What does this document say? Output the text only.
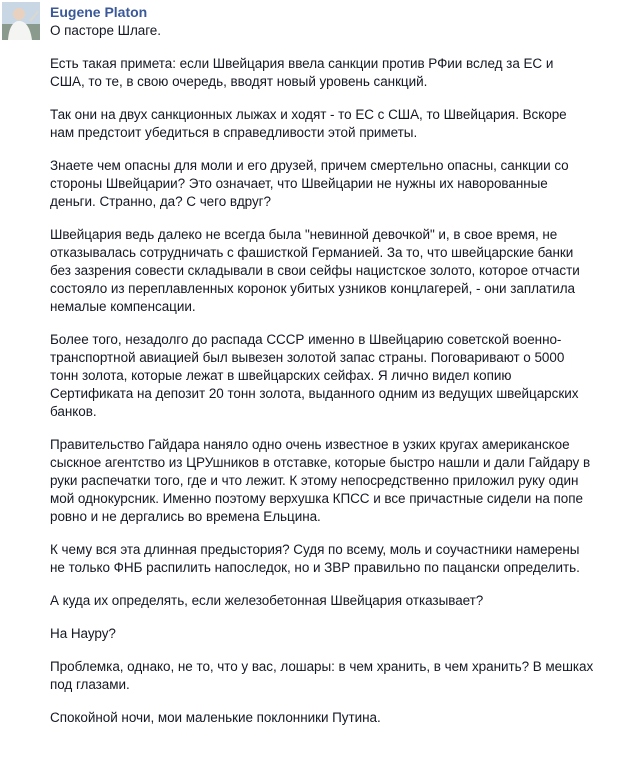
Eugene Platon

О пасторе Шлаге.

Есть такая примета: если Швейцария ввела санкции против РФии вслед за ЕС и
США, то те, в свою очередь, вводят новый уровень санкций.

Так они на двух санкционных лыжах и ходят - то ЕС с США, то Швейцария. Вскоре
нам предстоит убедиться в справедливости этой приметы.

Знаете чем опасны для моли и его друзей, причем смертельно опасны, санкции со
стороны Швейцарии? Это означает, что Швейцарии не нужны их наворованные
деньги. Странно, да? С чего вдруг?

Швейцария ведь далеко не всегда была "невинной девочкой" и, в свое время, не
отказывалась сотрудничать с фашисткой Германией. За то, что швейцарские банки
без зазрения совести складывали в свои сейфы нацистское золото, которое отчасти
состояло из переплавленных коронок убитых узников концлагерей, - они заплатила
немалые компенсации.

Более того, незадолго до распада СССР именно в Швейцарию советской военно-
транспортной авиацией был вывезен золотой запас страны. Поговаривают о 5000
тонн золота, которые лежат в швейцарских сейфах. Я лично видел копию
Сертификата на депозит 20 тонн золота, выданного одним из ведущих швейцарских
банков.

Правительство Гайдара наняло одно очень известное в узких кругах американское
сыскное агентство из ЦРУшников в отставке, которые быстро нашли и дали Гайдару в
руки распечатки того, где и что лежит. К этому непосредственно приложил руку один
мой однокурсник. Именно поэтому верхушка КПСС и все причастные сидели на попе
ровно и не дергались во времена Ельцина.

К чему вся эта длинная предыстория? Судя по всему, моль и соучастники намерены
не только ФНБ распилить напоследок, но и ЗВР правильно по пацански определить.

А куда их определять, если железобетонная Швейцария отказывает?

На Науру?

Проблемка, однако, не то, что у вас, лошары: в чем хранить, в чем хранить? В мешках
под глазами.

Спокойной ночи, мои маленькие поклонники Путина.
